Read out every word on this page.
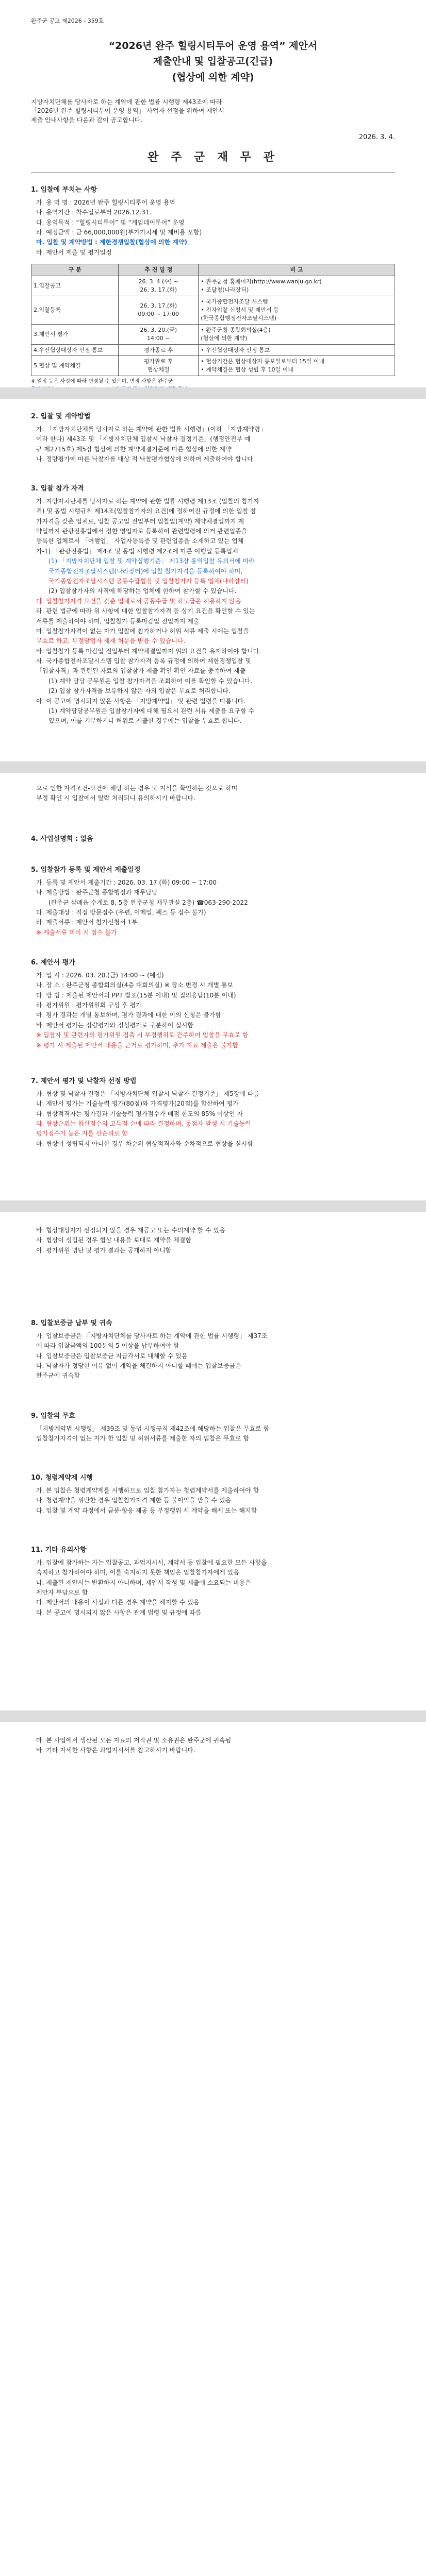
완주군 공고 제2026 - 359호

“2026년 완주 힐링시티투어 운영 용역” 제안서

제출안내 및 입찰공고(긴급)

(협상에 의한 계약)

지방자치단체를 당사자로 하는 계약에 관한 법률 시행령 제43조에 따라

「2026년 완주 힐링시티투어 운영 용역」 사업자 선정을 위하여 제안서

제출 안내사항을 다음과 같이 공고합니다.

2026. 3. 4.

완 주 군 재 무 관

1. 입찰에 부치는 사항

가. 용 역 명 : 2026년 완주 힐링시티투어 운영 용역

나. 용역기간 : 착수일로부터 2026.12.31.

다. 용역목적 : “힐링시티투어” 및 “게임데이투어” 운영

라. 예정금액 : 금 66,000,000원(부가가치세 및 제비용 포함)

마. 입찰 및 계약방법 : 제한경쟁입찰(협상에 의한 계약)

바. 제안서 제출 및 평가일정

구 분	추 진 일 정	비 고
1.입찰공고	26. 3. 4.(수) ~
26. 3. 17.(화)	• 완주군청 홈페이지(http://www.wanju.go.kr)
• 조달청(나라장터)
2.입찰등록	26. 3. 17.(화)
09:00 ~ 17:00	• 국가종합전자조달 시스템
• 전자입찰 신청서 및 제안서 등
(한국종합행정전자조달시스템)
3.제안서 평가	26. 3. 20.(금)
14:00 ~	• 완주군청 종합회의실(4층)
(협상에 의한 계약)
4.우선협상대상자 선정 통보	평가종료 후	• 우선협상대상자 선정 통보
5.협상 및 계약체결	평가완료 후
협상체결	• 협상기간은 협상대상자 통보일로부터 15일 이내
• 계약체결은 협상 성립 후 10일 이내
※ 일정 등은 사정에 따라 변경될 수 있으며, 변경 사항은 완주군

2. 입찰 및 계약방법

가. 「지방자치단체를 당사자로 하는 계약에 관한 법률 시행령」(이하 「지방계약령」

이라 한다) 제43조 및 「지방자치단체 입찰시 낙찰자 결정기준」(행정안전부 예

규 제2715호) 제5장 협상에 의한 계약체결기준에 따른 협상에 의한 계약

나. 정량평가에 따른 낙찰자를 대상 적 낙찰평가협상에 의하여 제출하여야 합니다.

3. 입찰 참가 자격

가. 지방자치단체를 당사자로 하는 계약에 관한 법률 시행령 제13조 (입찰의 참가자

격) 및 동법 시행규칙 제14조(입찰참가자의 요건)에 정하여진 규정에 의한 입찰 참

가자격을 갖춘 업체로, 입찰 공고일 전일부터 입찰일(계약) 계약체결일까지 계

약일까지 관광진흥법에서 정한 영업자로 등록하여 관련법령에 의거 관련업종을

등록한 업체로서 「여행업」 사업자등록증 및 관련업종을 소재하고 있는 업체

가-1) 「관광진흥법」 제4조 및 동법 시행령 제2조에 따른 여행업 등록업체

(1) 「지방자치단체 입찰 및 계약집행기준」 제13장 용역입찰 유의서에 따라

국가종합전자조달시스템(나라장터)에 입찰 참가자격을 등록하여야 하며,

국가종합전자조달시스템 공동수급협정 및 입찰참가자 등록 업체(나라장터)

(2) 입찰참가자의 자격에 해당하는 업체에 한하여 참가할 수 있습니다.

다. 입찰참가자격 요건을 갖춘 업체로서 공동수급 및 하도급은 허용하지 않음

라. 관련 법규에 따라 위 사항에 대한 입찰참가자격 등 상기 요건을 확인할 수 있는

서류를 제출하여야 하며, 입찰참가 등록마감일 전일까지 제출

마. 입찰참가자격이 없는 자가 입찰에 참가하거나 허위 서류 제출 시에는 입찰을

무효로 하고, 부정당업자 제재 처분을 받을 수 있습니다.

바. 입찰참가 등록 마감일 전일부터 계약체결일까지 위의 요건을 유지하여야 합니다.

사. 국가종합전자조달시스템 입찰 참가자격 등록 규정에 의하여 제한경쟁입찰 및

「입찰자격」과 관련된 자료의 입찰참가 제출 확인 확인 자료를 충족하여 제출

(1) 계약 담당 공무원은 입찰 참가자격을 조회하여 이를 확인할 수 있습니다.

(2) 입찰 참가자격을 보유하지 않은 자의 입찰은 무효로 처리합니다.

아. 이 공고에 명시되지 않은 사항은 「지방계약법」 및 관련 법령을 따릅니다.

(1) 계약담당공무원은 입찰참가자에 대해 필요시 관련 서류 제출을 요구할 수

있으며, 이를 거부하거나 허위로 제출한 경우에는 입찰을 무효로 합니다.

으로 인한 자격조건-요건에 해당 하는 경우 또 지식을 확인하는 것으로 하며

부정 확인 시 입찰에서 탈락 처리되니 유의하시기 바랍니다.

4. 사업설명회 : 없음

5. 입찰참가 등록 및 제안서 제출일정

가. 등록 및 제안서 제출기간 : 2026. 03. 17.(화) 09:00 ~ 17:00

나. 제출방법 : 완주군청 종합행정과 재무담당

(완주군 삼례읍 수계로 8, 5층 완주군청 재무관실 2층) ☎063-290-2022

다. 제출대상 : 직접 방문접수 (우편, 이메일, 팩스 등 접수 불가)

라. 제출서류 : 제안서 참가신청서 1부

※ 제출서류 미비 시 접수 불가

6. 제안서 평가

가. 일 시 : 2026. 03. 20.(금) 14:00 ~ (예정)

나. 장 소 : 완주군청 종합회의실(4층 대회의실) ※ 장소 변경 시 개별 통보

다. 방 법 : 제출된 제안서의 PPT 발표(15분 이내) 및 질의응답(10분 이내)

라. 평가위원 : 평가위원회 구성 후 평가

마. 평가 결과는 개별 통보하며, 평가 결과에 대한 이의 신청은 불가함

바. 제안서 평가는 정량평가와 정성평가로 구분하여 실시함

※ 입찰자 및 관련자의 평가위원 접촉 시 부정행위로 간주하여 입찰을 무효로 함

※ 평가 시 제출된 제안서 내용을 근거로 평가하며, 추가 자료 제출은 불가함

7. 제안서 평가 및 낙찰자 선정 방법

가. 협상 및 낙찰자 결정은 「지방자치단체 입찰시 낙찰자 결정기준」 제5장에 따름

나. 제안서 평가는 기술능력 평가(80점)와 가격평가(20점)를 합산하여 평가

다. 협상적격자는 평가결과 기술능력 평가점수가 배점 한도의 85% 이상인 자

라. 협상순위는 합산점수의 고득점 순에 따라 결정하며, 동점자 발생 시 기술능력

평가점수가 높은 자를 선순위로 함

마. 협상이 성립되지 아니한 경우 차순위 협상적격자와 순차적으로 협상을 실시함

바. 협상대상자가 선정되지 않을 경우 재공고 또는 수의계약 할 수 있음

사. 협상이 성립된 경우 협상 내용을 토대로 계약을 체결함

아. 평가위원 명단 및 평가 결과는 공개하지 아니함

8. 입찰보증금 납부 및 귀속

가. 입찰보증금은 「지방자치단체를 당사자로 하는 계약에 관한 법률 시행령」 제37조

에 따라 입찰금액의 100분의 5 이상을 납부하여야 함

나. 입찰보증금은 입찰보증금 지급각서로 대체할 수 있음

다. 낙찰자가 정당한 이유 없이 계약을 체결하지 아니할 때에는 입찰보증금은

완주군에 귀속함

9. 입찰의 무효

「지방계약법 시행령」 제39조 및 동법 시행규칙 제42조에 해당하는 입찰은 무효로 함

입찰참가자격이 없는 자가 한 입찰 및 허위서류를 제출한 자의 입찰은 무효로 함

10. 청렴계약제 시행

가. 본 입찰은 청렴계약제를 시행하므로 입찰 참가자는 청렴계약서를 제출하여야 함

나. 청렴계약을 위반한 경우 입찰참가자격 제한 등 불이익을 받을 수 있음

다. 입찰 및 계약 과정에서 금품·향응 제공 등 부정행위 시 계약을 해제 또는 해지함

11. 기타 유의사항

가. 입찰에 참가하는 자는 입찰공고, 과업지시서, 계약서 등 입찰에 필요한 모든 사항을

숙지하고 참가하여야 하며, 이를 숙지하지 못한 책임은 입찰참가자에게 있음

나. 제출된 제안서는 반환하지 아니하며, 제안서 작성 및 제출에 소요되는 비용은

제안자 부담으로 함

다. 제안서의 내용이 사실과 다른 경우 계약을 해지할 수 있음

라. 본 공고에 명시되지 않은 사항은 관계 법령 및 규정에 따름

마. 본 사업에서 생산된 모든 자료의 저작권 및 소유권은 완주군에 귀속됨

바. 기타 자세한 사항은 과업지시서를 참고하시기 바랍니다.
